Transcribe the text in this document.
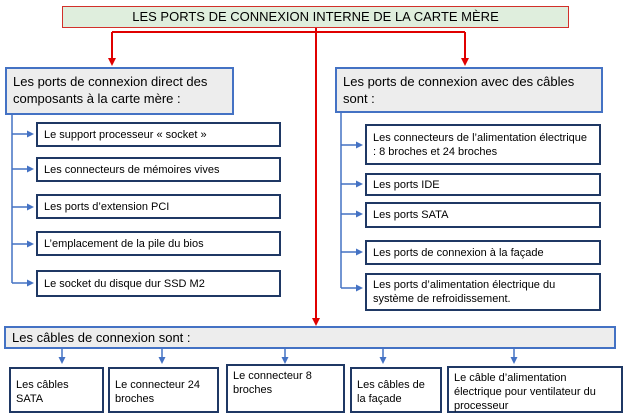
LES PORTS DE CONNEXION INTERNE DE LA CARTE MÈRE
Les ports de connexion direct des composants à la carte mère :
Le support processeur « socket »
Les connecteurs de mémoires vives
Les ports d’extension PCI
L’emplacement de la pile du bios
Le socket du disque dur SSD M2
Les ports de connexion avec des câbles sont :
Les connecteurs de l’alimentation électrique : 8 broches et 24 broches
Les ports IDE
Les ports SATA
Les ports de connexion à la façade
Les ports d’alimentation électrique du système de refroidissement.
Les câbles de connexion sont :
Les câbles SATA
Le connecteur 24 broches
Le connecteur 8 broches	Les câbles de la façade
Le câble d’alimentation électrique pour ventilateur du processeur
